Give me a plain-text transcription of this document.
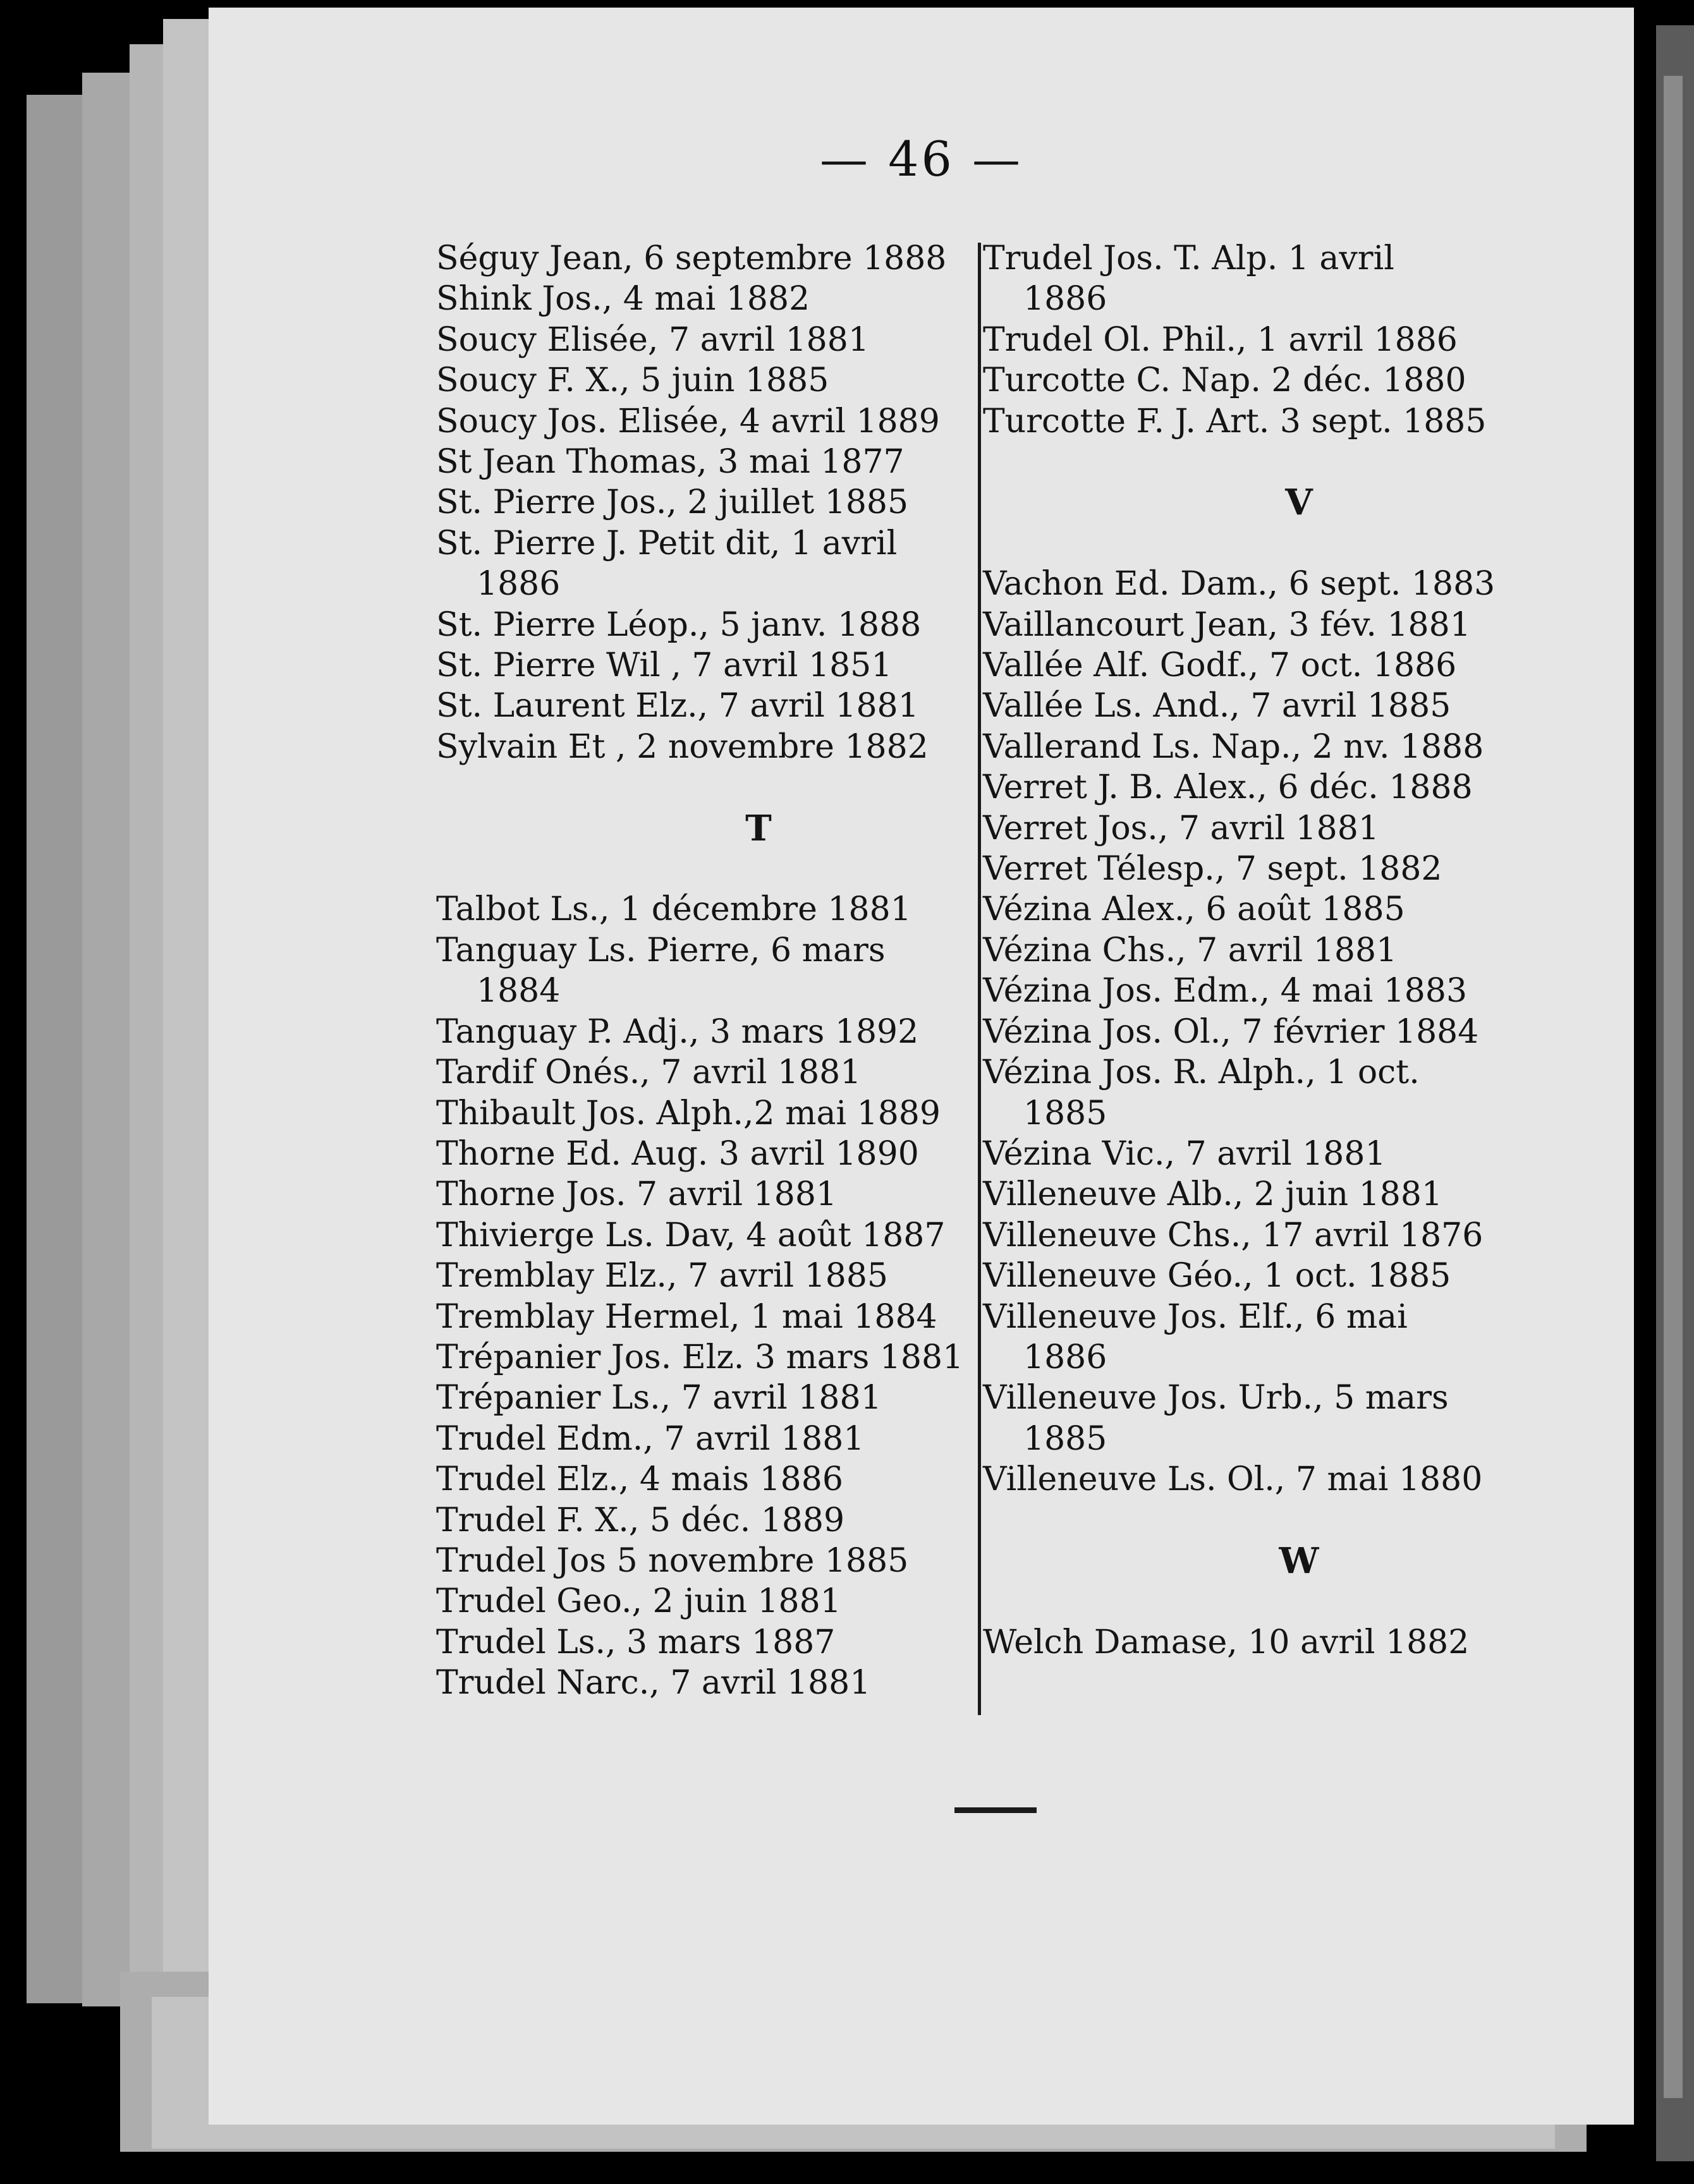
— 46 —
Séguy Jean, 6 septembre 1888
Shink Jos., 4 mai 1882
Soucy Elisée, 7 avril 1881
Soucy F. X., 5 juin 1885
Soucy Jos. Elisée, 4 avril 1889
St Jean Thomas, 3 mai 1877
St. Pierre Jos., 2 juillet 1885
St. Pierre J. Petit dit, 1 avril
1886
St. Pierre Léop., 5 janv. 1888
St. Pierre Wil , 7 avril 1851
St. Laurent Elz., 7 avril 1881
Sylvain Et , 2 novembre 1882
T
Talbot Ls., 1 décembre 1881
Tanguay Ls. Pierre, 6 mars
1884
Tanguay P. Adj., 3 mars 1892
Tardif Onés., 7 avril 1881
Thibault Jos. Alph.,2 mai 1889
Thorne Ed. Aug. 3 avril 1890
Thorne Jos. 7 avril 1881
Thivierge Ls. Dav, 4 août 1887
Tremblay Elz., 7 avril 1885
Tremblay Hermel, 1 mai 1884
Trépanier Jos. Elz. 3 mars 1881
Trépanier Ls., 7 avril 1881
Trudel Edm., 7 avril 1881
Trudel Elz., 4 mais 1886
Trudel F. X., 5 déc. 1889
Trudel Jos 5 novembre 1885
Trudel Geo., 2 juin 1881
Trudel Ls., 3 mars 1887
Trudel Narc., 7 avril 1881
Trudel Jos. T. Alp. 1 avril
1886
Trudel Ol. Phil., 1 avril 1886
Turcotte C. Nap. 2 déc. 1880
Turcotte F. J. Art. 3 sept. 1885
V
Vachon Ed. Dam., 6 sept. 1883
Vaillancourt Jean, 3 fév. 1881
Vallée Alf. Godf., 7 oct. 1886
Vallée Ls. And., 7 avril 1885
Vallerand Ls. Nap., 2 nv. 1888
Verret J. B. Alex., 6 déc. 1888
Verret Jos., 7 avril 1881
Verret Télesp., 7 sept. 1882
Vézina Alex., 6 août 1885
Vézina Chs., 7 avril 1881
Vézina Jos. Edm., 4 mai 1883
Vézina Jos. Ol., 7 février 1884
Vézina Jos. R. Alph., 1 oct.
1885
Vézina Vic., 7 avril 1881
Villeneuve Alb., 2 juin 1881
Villeneuve Chs., 17 avril 1876
Villeneuve Géo., 1 oct. 1885
Villeneuve Jos. Elf., 6 mai
1886
Villeneuve Jos. Urb., 5 mars
1885
Villeneuve Ls. Ol., 7 mai 1880
W
Welch Damase, 10 avril 1882
